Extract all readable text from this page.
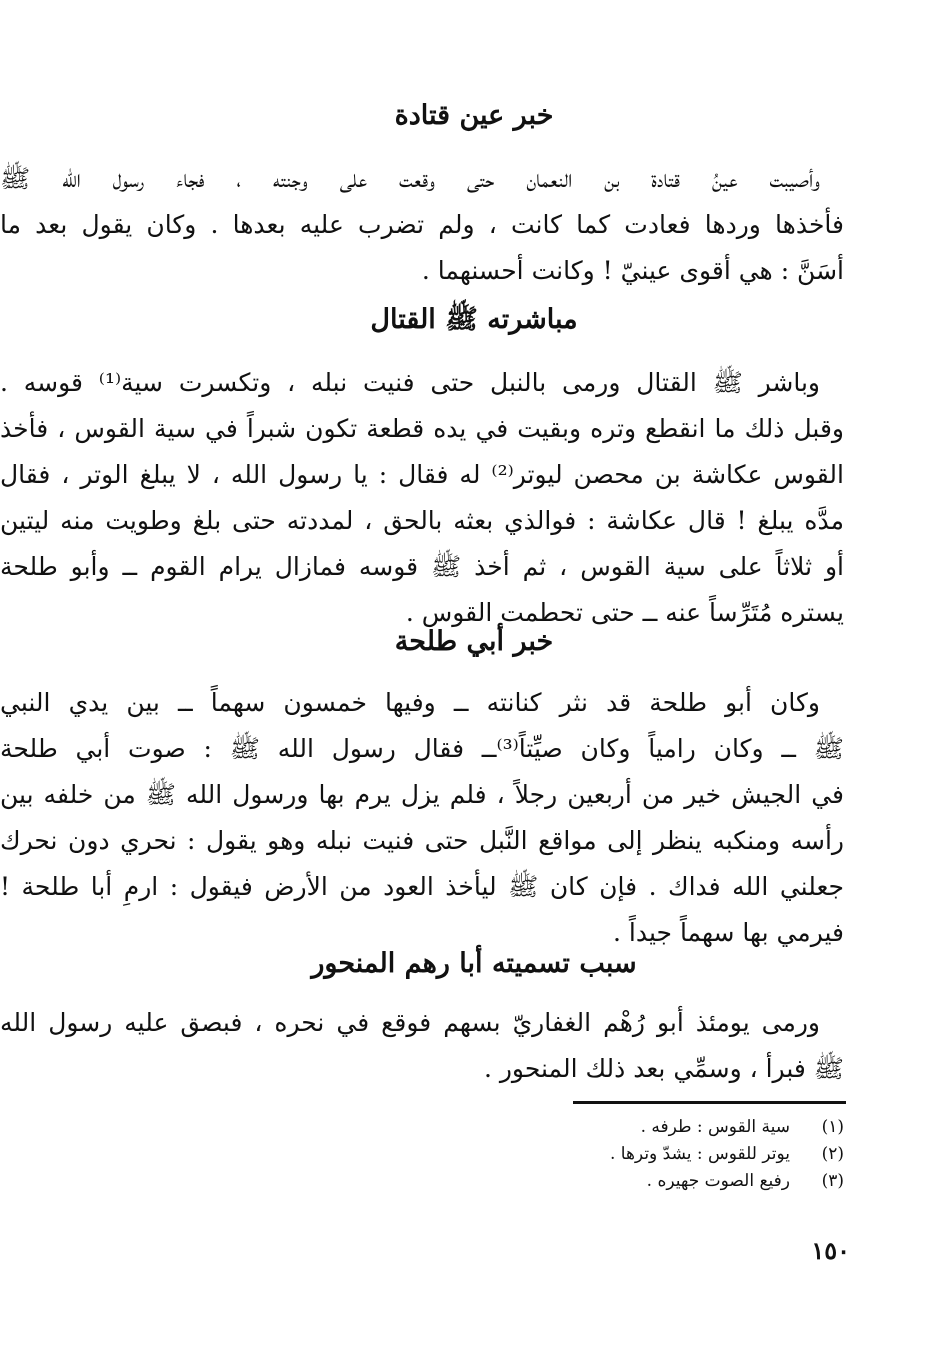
خبر عين قتادة
وأصيبت عينُ قتادة بن النعمان حتى وقعت على وجنته ، فجاء رسول الله ﷺ
فأخذها وردها فعادت كما كانت ، ولم تضرب عليه بعدها . وكان يقول بعد ما
أسَنَّ : هي أقوى عينيّ ! وكانت أحسنهما .
مباشرته ﷺ القتال
وباشر ﷺ القتال ورمى بالنبل حتى فنيت نبله ، وتكسرت سية⁽¹⁾ قوسه .
وقبل ذلك ما انقطع وتره وبقيت في يده قطعة تكون شبراً في سية القوس ، فأخذ
القوس عكاشة بن محصن ليوتر⁽²⁾ له فقال : يا رسول الله ، لا يبلغ الوتر ، فقال
مدَّه يبلغ ! قال عكاشة : فوالذي بعثه بالحق ، لمددته حتى بلغ وطويت منه ليتين
أو ثلاثاً على سية القوس ، ثم أخذ ﷺ قوسه فمازال يرام القوم ــ وأبو طلحة
يستره مُتَرِّساً عنه ــ حتى تحطمت القوس .
خبر أبي طلحة
وكان أبو طلحة قد نثر كنانته ــ وفيها خمسون سهماً ــ بين يدي النبي
ﷺ ــ وكان رامياً وكان صيِّتاً⁽³⁾ــ فقال رسول الله ﷺ : صوت أبي طلحة
في الجيش خير من أربعين رجلاً ، فلم يزل يرم بها ورسول الله ﷺ من خلفه بين
رأسه ومنكبه ينظر إلى مواقع النَّبل حتى فنيت نبله وهو يقول : نحري دون نحرك
جعلني الله فداك . فإن كان ﷺ ليأخذ العود من الأرض فيقول : ارمِ أبا طلحة !
فيرمي بها سهماً جيداً .
سبب تسميته أبا رهم المنحور
ورمى يومئذ أبو رُهْم الغفاريّ بسهم فوقع في نحره ، فبصق عليه رسول الله
ﷺ فبرأ ، وسمِّي بعد ذلك المنحور .
(١)
سية القوس : طرفه .
(٢)
يوتر للقوس : يشدّ وترها .
(٣)
رفيع الصوت جهيره .
١٥٠
